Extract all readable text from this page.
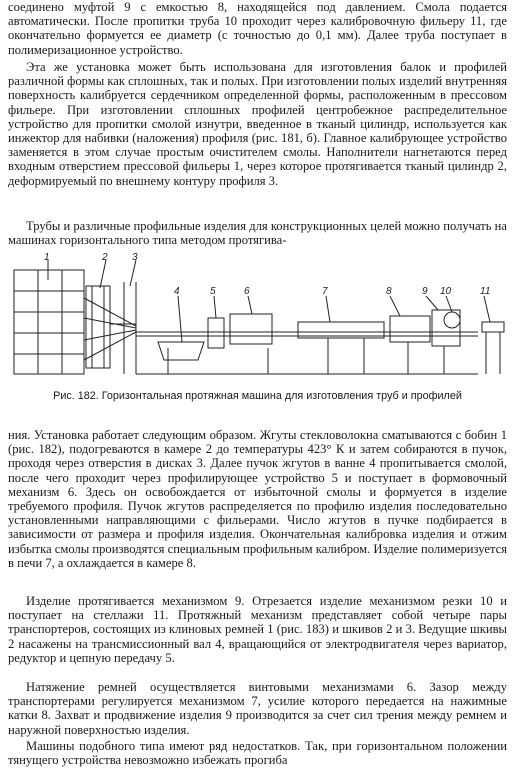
соединено муфтой 9 с емкостью 8, находящейся под давлением. Смола подается автоматически. После пропитки труба 10 проходит через калибровочную фильеру 11, где окончательно формуется ее диаметр (с точностью до 0,1 мм). Далее труба поступает в полимеризационное устройство.

Эта же установка может быть использована для изготовления балок и профилей различной формы как сплошных, так и полых. При изготовлении полых изделий внутренняя поверхность калибруется сердечником определенной формы, расположенным в прессовом фильере. При изготовлении сплошных профилей центробежное распределительное устройство для пропитки смолой изнутри, введенное в тканый цилиндр, используется как инжектор для набивки (наложения) профиля (рис. 181, б). Главное калибрующее устройство заменяется в этом случае простым очистителем смолы. Наполнители нагнетаются перед входным отверстием прессовой фильеры 1, через которое протягивается тканый цилиндр 2, деформируемый по внешнему контуру профиля 3.

Трубы и различные профильные изделия для конструкционных целей можно получать на машинах горизонтального типа методом протягива-

1	2 3
4	5	6	7	8	9 10	11
Рис. 182. Горизонтальная протяжная машина для изготовления труб и профилей

ния. Установка работает следующим образом. Жгуты стекловолокна сматываются с бобин 1 (рис. 182), подогреваются в камере 2 до температуры 423° К и затем собираются в пучок, проходя через отверстия в дисках 3. Далее пучок жгутов в ванне 4 пропитывается смолой, после чего проходит через профилирующее устройство 5 и поступает в формовочный механизм 6. Здесь он освобождается от избыточной смолы и формуется в изделие требуемого профиля. Пучок жгутов распределяется по профилю изделия последовательно установленными направляющими с фильерами. Число жгутов в пучке подбирается в зависимости от размера и профиля изделия. Окончательная калибровка изделия и отжим избытка смолы производятся специальным профильным калибром. Изделие полимеризуется в печи 7, а охлаждается в камере 8.

Изделие протягивается механизмом 9. Отрезается изделие механизмом резки 10 и поступает на стеллажи 11. Протяжный механизм представляет собой четыре пары транспортеров, состоящих из клиновых ремней 1 (рис. 183) и шкивов 2 и 3. Ведущие шкивы 2 насажены на трансмиссионный вал 4, вращающийся от электродвигателя через вариатор, редуктор и цепную передачу 5.

Натяжение ремней осуществляется винтовыми механизмами 6. Зазор между транспортерами регулируется механизмом 7, усилие которого передается на нажимные катки 8. Захват и продвижение изделия 9 производится за счет сил трения между ремнем и наружной поверхностью изделия.

Машины подобного типа имеют ряд недостатков. Так, при горизонтальном положении тянущего устройства невозможно избежать прогиба
